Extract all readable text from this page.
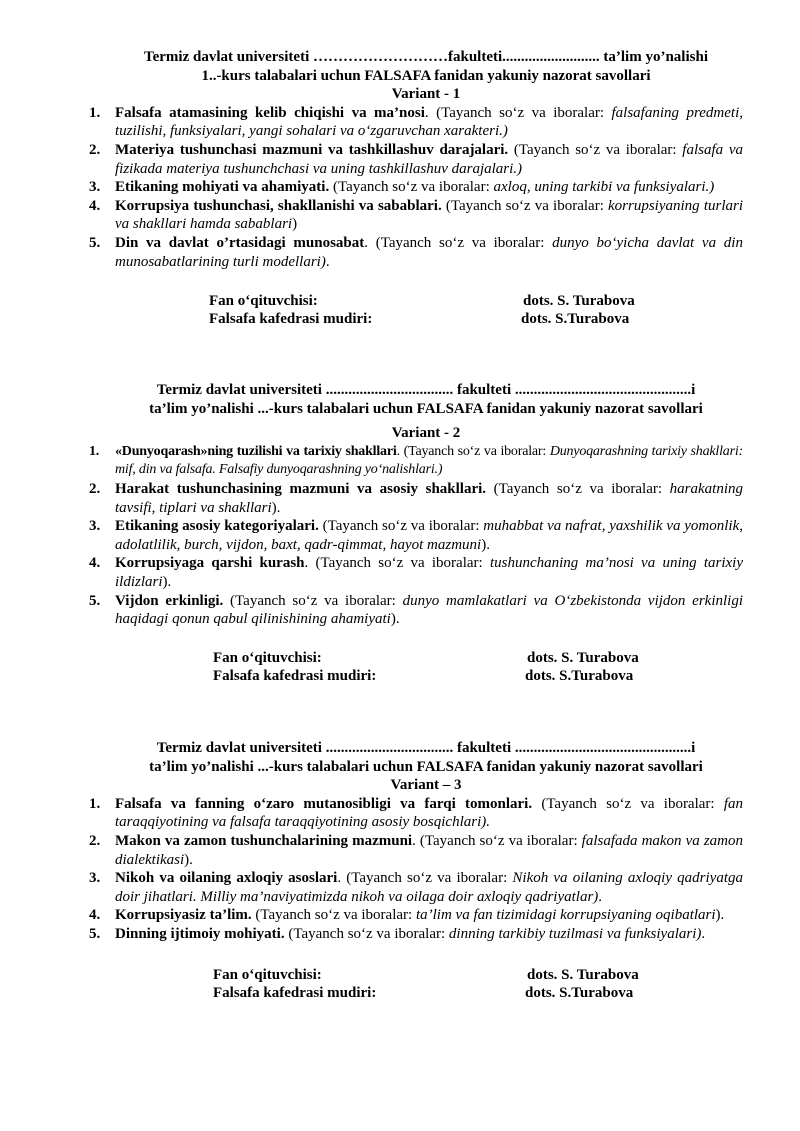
Termiz davlat universiteti ………………………fakulteti.......................... ta’lim yo’nalishi
1..-kurs talabalari uchun FALSAFA fanidan yakuniy nazorat savollari
Variant - 1
1. Falsafa atamasining kelib chiqishi va ma’nosi. (Tayanch so‘z va iboralar: falsafaning predmeti, tuzilishi, funksiyalari, yangi sohalari va o‘zgaruvchan xarakteri.)
2. Materiya tushunchasi mazmuni va tashkillashuv darajalari. (Tayanch so‘z va iboralar: falsafa va fizikada materiya tushunchchasi va uning tashkillashuv darajalari.)
3. Etikaning mohiyati va ahamiyati. (Tayanch so‘z va iboralar: axloq, uning tarkibi va funksiyalari.)
4. Korrupsiya tushunchasi, shakllanishi va sabablari. (Tayanch so‘z va iboralar: korrupsiyaning turlari va shakllari hamda sabablari)
5. Din va davlat o’rtasidagi munosabat. (Tayanch so‘z va iboralar: dunyo bo‘yicha davlat va din munosabatlarining turli modellari).
Fan o‘qituvchisi:	dots. S. Turabova
Falsafa kafedrasi mudiri:	dots. S.Turabova
Termiz davlat universiteti .................................. fakulteti ...............................................i
ta’lim yo’nalishi ...-kurs talabalari uchun FALSAFA fanidan yakuniy nazorat savollari
Variant - 2
1. «Dunyoqarash»ning tuzilishi va tarixiy shakllari. (Tayanch so‘z va iboralar: Dunyoqarashning tarixiy shakllari: mif, din va falsafa. Falsafiy dunyoqarashning yo‘nalishlari.)
2. Harakat tushunchasining mazmuni va asosiy shakllari. (Tayanch so‘z va iboralar: harakatning tavsifi, tiplari va shakllari).
3. Etikaning asosiy kategoriyalari. (Tayanch so‘z va iboralar: muhabbat va nafrat, yaxshilik va yomonlik, adolatlilik, burch, vijdon, baxt, qadr-qimmat, hayot mazmuni).
4. Korrupsiyaga qarshi kurash. (Tayanch so‘z va iboralar: tushunchaning ma’nosi va uning tarixiy ildizlari).
5. Vijdon erkinligi. (Tayanch so‘z va iboralar: dunyo mamlakatlari va O‘zbekistonda vijdon erkinligi haqidagi qonun qabul qilinishining ahamiyati).
Fan o‘qituvchisi:	dots. S. Turabova
Falsafa kafedrasi mudiri:	dots. S.Turabova
Termiz davlat universiteti .................................. fakulteti ...............................................i
ta’lim yo’nalishi ...-kurs talabalari uchun FALSAFA fanidan yakuniy nazorat savollari
Variant – 3
1. Falsafa va fanning o‘zaro mutanosibligi va farqi tomonlari. (Tayanch so‘z va iboralar: fan taraqqiyotining va falsafa taraqqiyotining asosiy bosqichlari).
2. Makon va zamon tushunchalarining mazmuni. (Tayanch so‘z va iboralar: falsafada makon va zamon dialektikasi).
3. Nikoh va oilaning axloqiy asoslari. (Tayanch so‘z va iboralar: Nikoh va oilaning axloqiy qadriyatga doir jihatlari. Milliy ma’naviyatimizda nikoh va oilaga doir axloqiy qadriyatlar).
4. Korrupsiyasiz ta’lim. (Tayanch so‘z va iboralar: ta’lim va fan tizimidagi korrupsiyaning oqibatlari).
5. Dinning ijtimoiy mohiyati. (Tayanch so‘z va iboralar: dinning tarkibiy tuzilmasi va funksiyalari).
Fan o‘qituvchisi:	dots. S. Turabova
Falsafa kafedrasi mudiri:	dots. S.Turabova
